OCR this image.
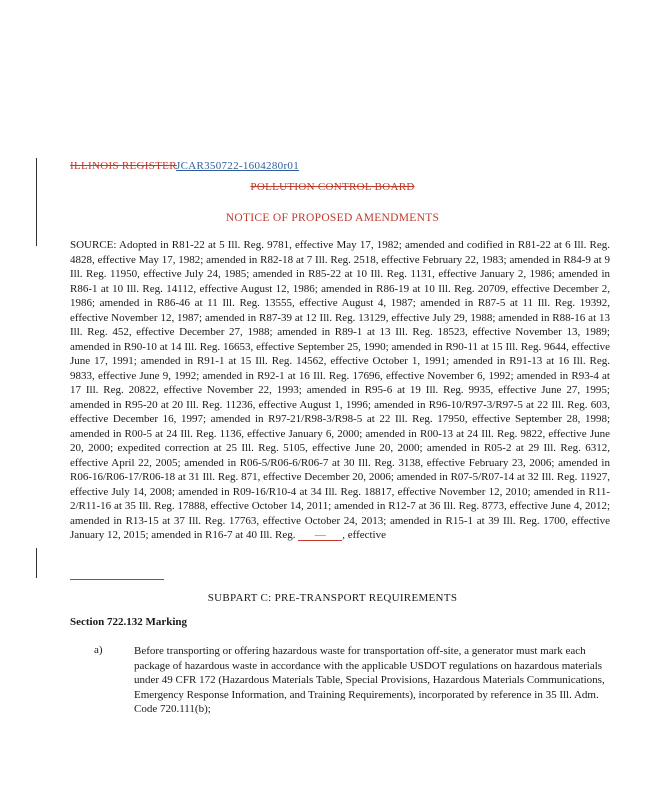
ILLINOIS REGISTER JCAR350722-1604280r01
POLLUTION CONTROL BOARD
NOTICE OF PROPOSED AMENDMENTS
SOURCE: Adopted in R81-22 at 5 Ill. Reg. 9781, effective May 17, 1982; amended and codified in R81-22 at 6 Ill. Reg. 4828, effective May 17, 1982; amended in R82-18 at 7 Ill. Reg. 2518, effective February 22, 1983; amended in R84-9 at 9 Ill. Reg. 11950, effective July 24, 1985; amended in R85-22 at 10 Ill. Reg. 1131, effective January 2, 1986; amended in R86-1 at 10 Ill. Reg. 14112, effective August 12, 1986; amended in R86-19 at 10 Ill. Reg. 20709, effective December 2, 1986; amended in R86-46 at 11 Ill. Reg. 13555, effective August 4, 1987; amended in R87-5 at 11 Ill. Reg. 19392, effective November 12, 1987; amended in R87-39 at 12 Ill. Reg. 13129, effective July 29, 1988; amended in R88-16 at 13 Ill. Reg. 452, effective December 27, 1988; amended in R89-1 at 13 Ill. Reg. 18523, effective November 13, 1989; amended in R90-10 at 14 Ill. Reg. 16653, effective September 25, 1990; amended in R90-11 at 15 Ill. Reg. 9644, effective June 17, 1991; amended in R91-1 at 15 Ill. Reg. 14562, effective October 1, 1991; amended in R91-13 at 16 Ill. Reg. 9833, effective June 9, 1992; amended in R92-1 at 16 Ill. Reg. 17696, effective November 6, 1992; amended in R93-4 at 17 Ill. Reg. 20822, effective November 22, 1993; amended in R95-6 at 19 Ill. Reg. 9935, effective June 27, 1995; amended in R95-20 at 20 Ill. Reg. 11236, effective August 1, 1996; amended in R96-10/R97-3/R97-5 at 22 Ill. Reg. 603, effective December 16, 1997; amended in R97-21/R98-3/R98-5 at 22 Ill. Reg. 17950, effective September 28, 1998; amended in R00-5 at 24 Ill. Reg. 1136, effective January 6, 2000; amended in R00-13 at 24 Ill. Reg. 9822, effective June 20, 2000; expedited correction at 25 Ill. Reg. 5105, effective June 20, 2000; amended in R05-2 at 29 Ill. Reg. 6312, effective April 22, 2005; amended in R06-5/R06-6/R06-7 at 30 Ill. Reg. 3138, effective February 23, 2006; amended in R06-16/R06-17/R06-18 at 31 Ill. Reg. 871, effective December 20, 2006; amended in R07-5/R07-14 at 32 Ill. Reg. 11927, effective July 14, 2008; amended in R09-16/R10-4 at 34 Ill. Reg. 18817, effective November 12, 2010; amended in R11-2/R11-16 at 35 Ill. Reg. 17888, effective October 14, 2011; amended in R12-7 at 36 Ill. Reg. 8773, effective June 4, 2012; amended in R13-15 at 37 Ill. Reg. 17763, effective October 24, 2013; amended in R15-1 at 39 Ill. Reg. 1700, effective January 12, 2015; amended in R16-7 at 40 Ill. Reg. — , effective
SUBPART C: PRE-TRANSPORT REQUIREMENTS
Section 722.132 Marking
a)	Before transporting or offering hazardous waste for transportation off-site, a generator must mark each package of hazardous waste in accordance with the applicable USDOT regulations on hazardous materials under 49 CFR 172 (Hazardous Materials Table, Special Provisions, Hazardous Materials Communications, Emergency Response Information, and Training Requirements), incorporated by reference in 35 Ill. Adm. Code 720.111(b);
